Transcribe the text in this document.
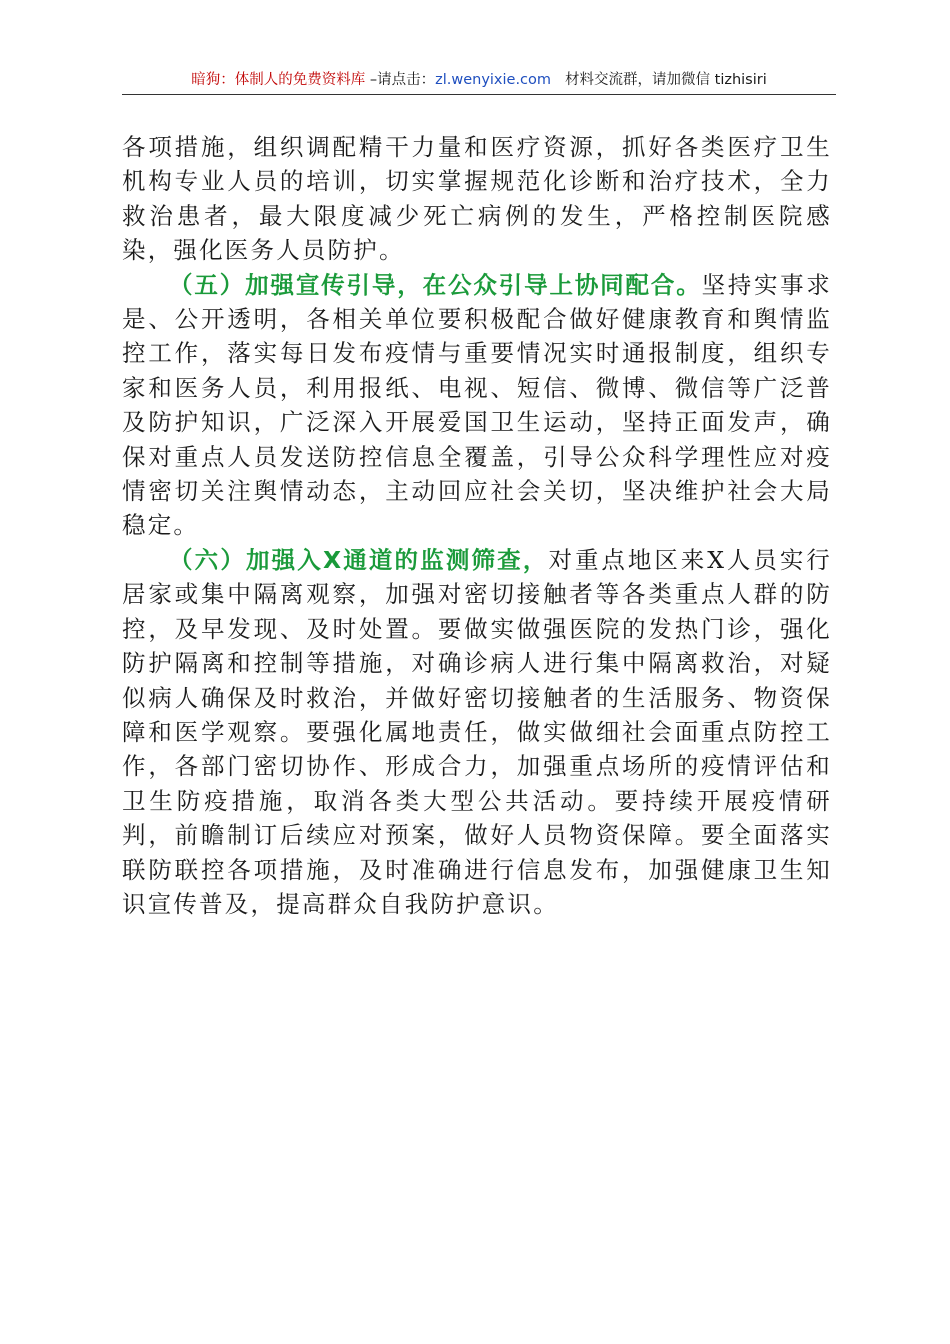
暗狗：体制人的免费资料库 –请点击：zl.wenyixie.com 材料交流群，请加微信 tizhisiri

各项措施，组织调配精干力量和医疗资源，抓好各类医疗卫生机构专业人员的培训，切实掌握规范化诊断和治疗技术，全力救治患者，最大限度减少死亡病例的发生，严格控制医院感染，强化医务人员防护。

（五）加强宣传引导，在公众引导上协同配合。坚持实事求是、公开透明，各相关单位要积极配合做好健康教育和舆情监控工作，落实每日发布疫情与重要情况实时通报制度，组织专家和医务人员，利用报纸、电视、短信、微博、微信等广泛普及防护知识，广泛深入开展爱国卫生运动，坚持正面发声，确保对重点人员发送防控信息全覆盖，引导公众科学理性应对疫情密切关注舆情动态，主动回应社会关切，坚决维护社会大局稳定。

（六）加强入X通道的监测筛查，对重点地区来X人员实行居家或集中隔离观察，加强对密切接触者等各类重点人群的防控，及早发现、及时处置。要做实做强医院的发热门诊，强化防护隔离和控制等措施，对确诊病人进行集中隔离救治，对疑似病人确保及时救治，并做好密切接触者的生活服务、物资保障和医学观察。要强化属地责任，做实做细社会面重点防控工作，各部门密切协作、形成合力，加强重点场所的疫情评估和卫生防疫措施，取消各类大型公共活动。要持续开展疫情研判，前瞻制订后续应对预案，做好人员物资保障。要全面落实联防联控各项措施，及时准确进行信息发布，加强健康卫生知识宣传普及，提高群众自我防护意识。
